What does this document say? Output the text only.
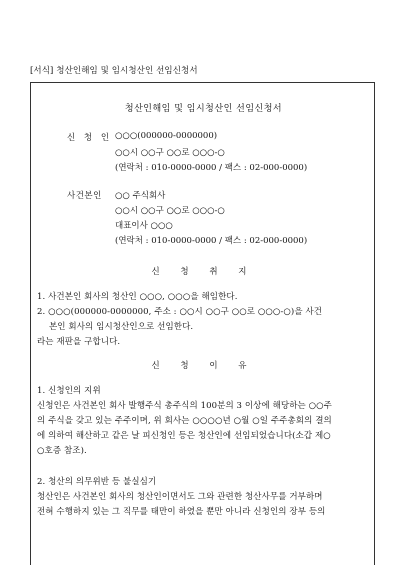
[서식] 청산인해임 및 임시청산인 선임신청서
청산인해임 및 임시청산인 선임신청서
신 청 인 ○○○(000000-0000000)
○○시 ○○구 ○○로 ○○○-○
(연락처 : 010-0000-0000 / 팩스 : 02-000-0000)
사건본인 ○○ 주식회사
○○시 ○○구 ○○로 ○○○-○
대표이사 ○○○
(연락처 : 010-0000-0000 / 팩스 : 02-000-0000)
신 청 취 지
1. 사건본인 회사의 청산인 ○○○, ○○○을 해임한다.
2. ○○○(000000-0000000, 주소 : ○○시 ○○구 ○○로 ○○○-○)을 사건
본인 회사의 임시청산인으로 선임한다.
라는 재판을 구합니다.
신 청 이 유
1. 신청인의 지위
신청인은 사건본인 회사 발행주식 총주식의 100분의 3 이상에 해당하는 ○○주
의 주식을 갖고 있는 주주이며, 위 회사는 ○○○○년 ○월 ○일 주주총회의 결의
에 의하여 해산하고 같은 날 피신청인 등은 청산인에 선임되었습니다(소갑 제○
○호증 참조).
2. 청산의 의무위반 등 불실심기
청산인은 사건본인 회사의 청산인이면서도 그와 관련한 청산사무를 거부하며
전혀 수행하지 있는 그 직무를 태만이 하였을 뿐만 아니라 신청인의 장부 등의
